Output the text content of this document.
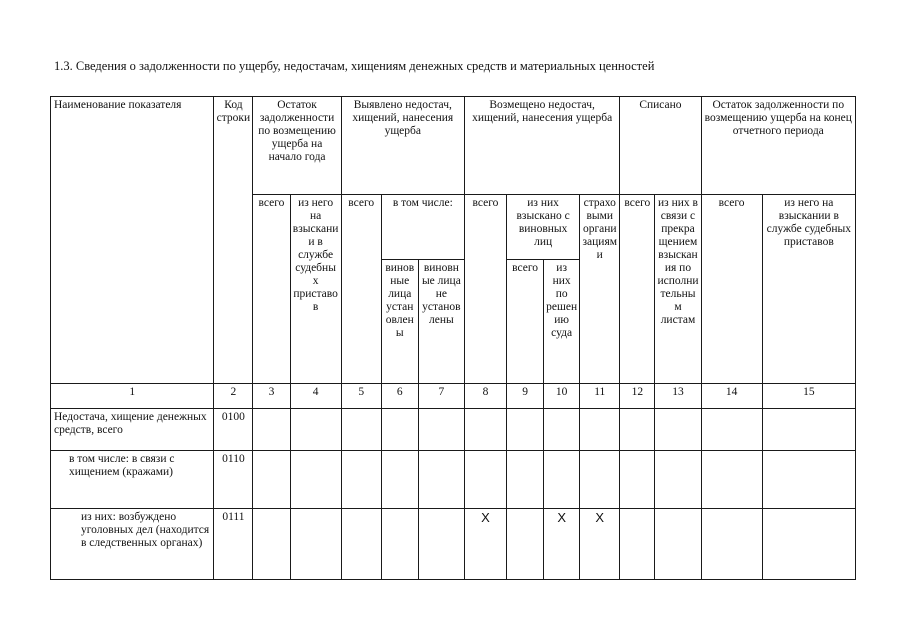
1.3. Сведения о задолженности по ущербу, недостачам, хищениям денежных средств и материальных ценностей
Наименование показателя	Код строки	Остаток задолженности по возмещению ущерба на начало года		Выявлено недостач, хищений, нанесения ущерба			Возмещено недостач, хищений, нанесения ущерба				Списано		Остаток задолженности по возмещению ущерба на конец отчетного периода	
		всего	из него на взыскании в службе судебных приставов	всего	в том числе:		всего	из них взыскано с виновных лиц		страховыми организациями	всего	из них в связи с прекращением взыскания по исполнительным листам	всего	из него на взыскании в службе судебных приставов
					виновные лица установлены	виновные лица не установлены		всего	из них по решению суда					
1	2	3	4	5	6	7	8	9	10	11	12	13	14	15
Недостача, хищение денежных средств, всего	0100													
в том числе: в связи с хищением (кражами)	0110													
из них: возбуждено уголовных дел (находится в следственных органах)	0111						X		X	X				
